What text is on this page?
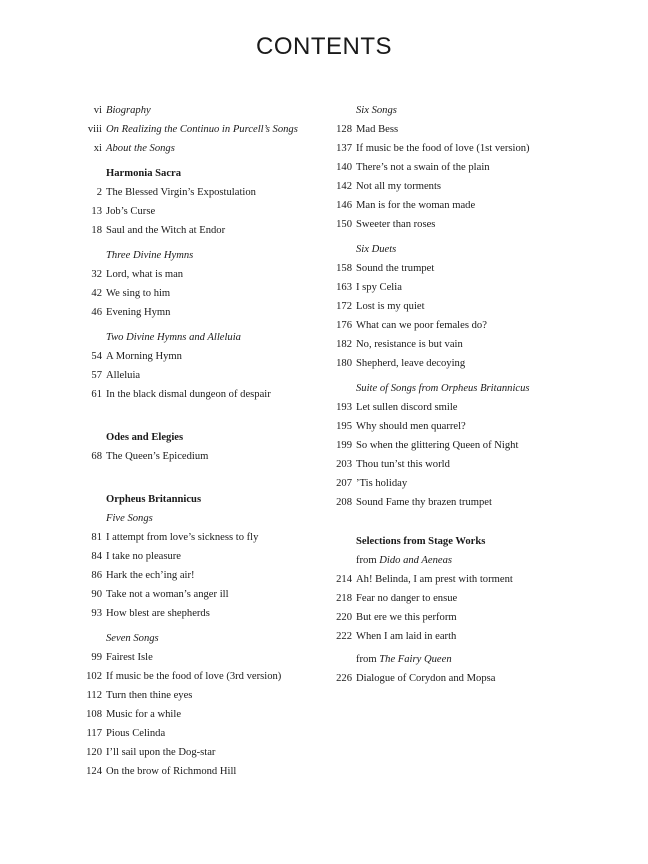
CONTENTS
vi Biography
viii On Realizing the Continuo in Purcell’s Songs
xi About the Songs
Harmonia Sacra
2 The Blessed Virgin’s Expostulation
13 Job’s Curse
18 Saul and the Witch at Endor
Three Divine Hymns
32 Lord, what is man
42 We sing to him
46 Evening Hymn
Two Divine Hymns and Alleluia
54 A Morning Hymn
57 Alleluia
61 In the black dismal dungeon of despair
Odes and Elegies
68 The Queen’s Epicedium
Orpheus Britannicus
Five Songs
81 I attempt from love’s sickness to fly
84 I take no pleasure
86 Hark the ech’ing air!
90 Take not a woman’s anger ill
93 How blest are shepherds
Seven Songs
99 Fairest Isle
102 If music be the food of love (3rd version)
112 Turn then thine eyes
108 Music for a while
117 Pious Celinda
120 I’ll sail upon the Dog-star
124 On the brow of Richmond Hill
Six Songs
128 Mad Bess
137 If music be the food of love (1st version)
140 There’s not a swain of the plain
142 Not all my torments
146 Man is for the woman made
150 Sweeter than roses
Six Duets
158 Sound the trumpet
163 I spy Celia
172 Lost is my quiet
176 What can we poor females do?
182 No, resistance is but vain
180 Shepherd, leave decoying
Suite of Songs from Orpheus Britannicus
193 Let sullen discord smile
195 Why should men quarrel?
199 So when the glittering Queen of Night
203 Thou tun’st this world
207 ’Tis holiday
208 Sound Fame thy brazen trumpet
Selections from Stage Works
from Dido and Aeneas
214 Ah! Belinda, I am prest with torment
218 Fear no danger to ensue
220 But ere we this perform
222 When I am laid in earth
from The Fairy Queen
226 Dialogue of Corydon and Mopsa
